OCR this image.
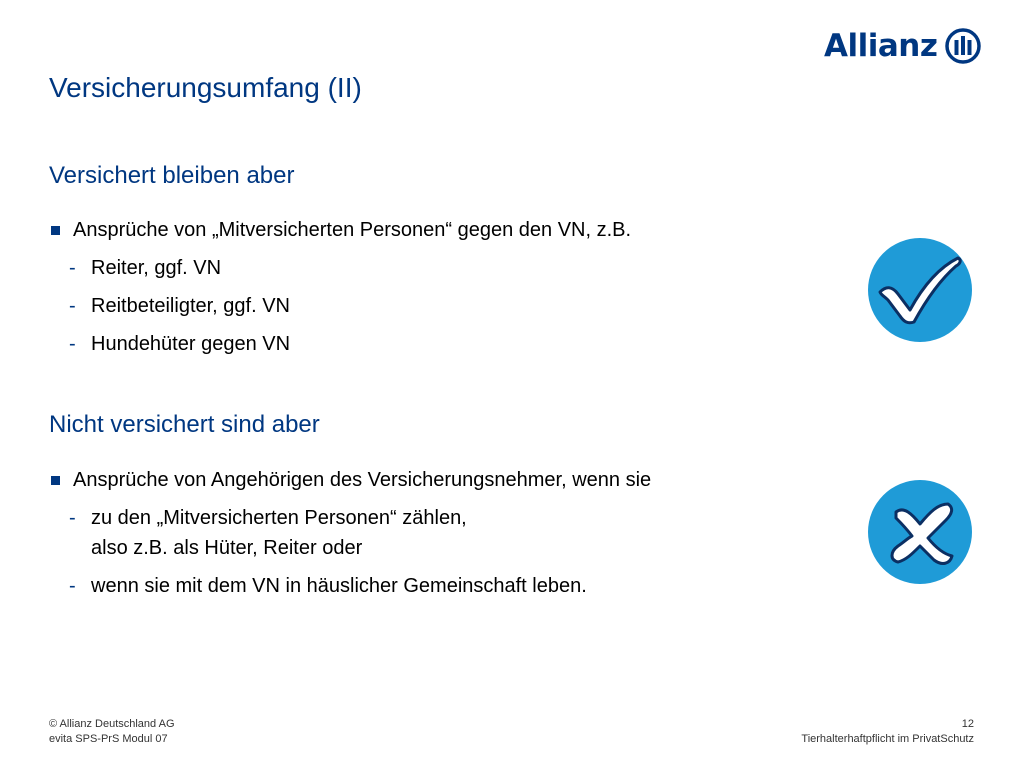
Allianz
Versicherungsumfang (II)
Versichert bleiben aber
Ansprüche von „Mitversicherten Personen“ gegen den VN, z.B.
- Reiter, ggf. VN
- Reitbeteiligter, ggf. VN
- Hundehüter gegen VN
Nicht versichert sind aber
Ansprüche von Angehörigen des Versicherungsnehmer, wenn sie
- zu den „Mitversicherten Personen“ zählen,
also z.B. als Hüter, Reiter oder
- wenn sie mit dem VN in häuslicher Gemeinschaft leben.
© Allianz Deutschland AG
evita SPS-PrS Modul 07
12
Tierhalterhaftpflicht im PrivatSchutz
